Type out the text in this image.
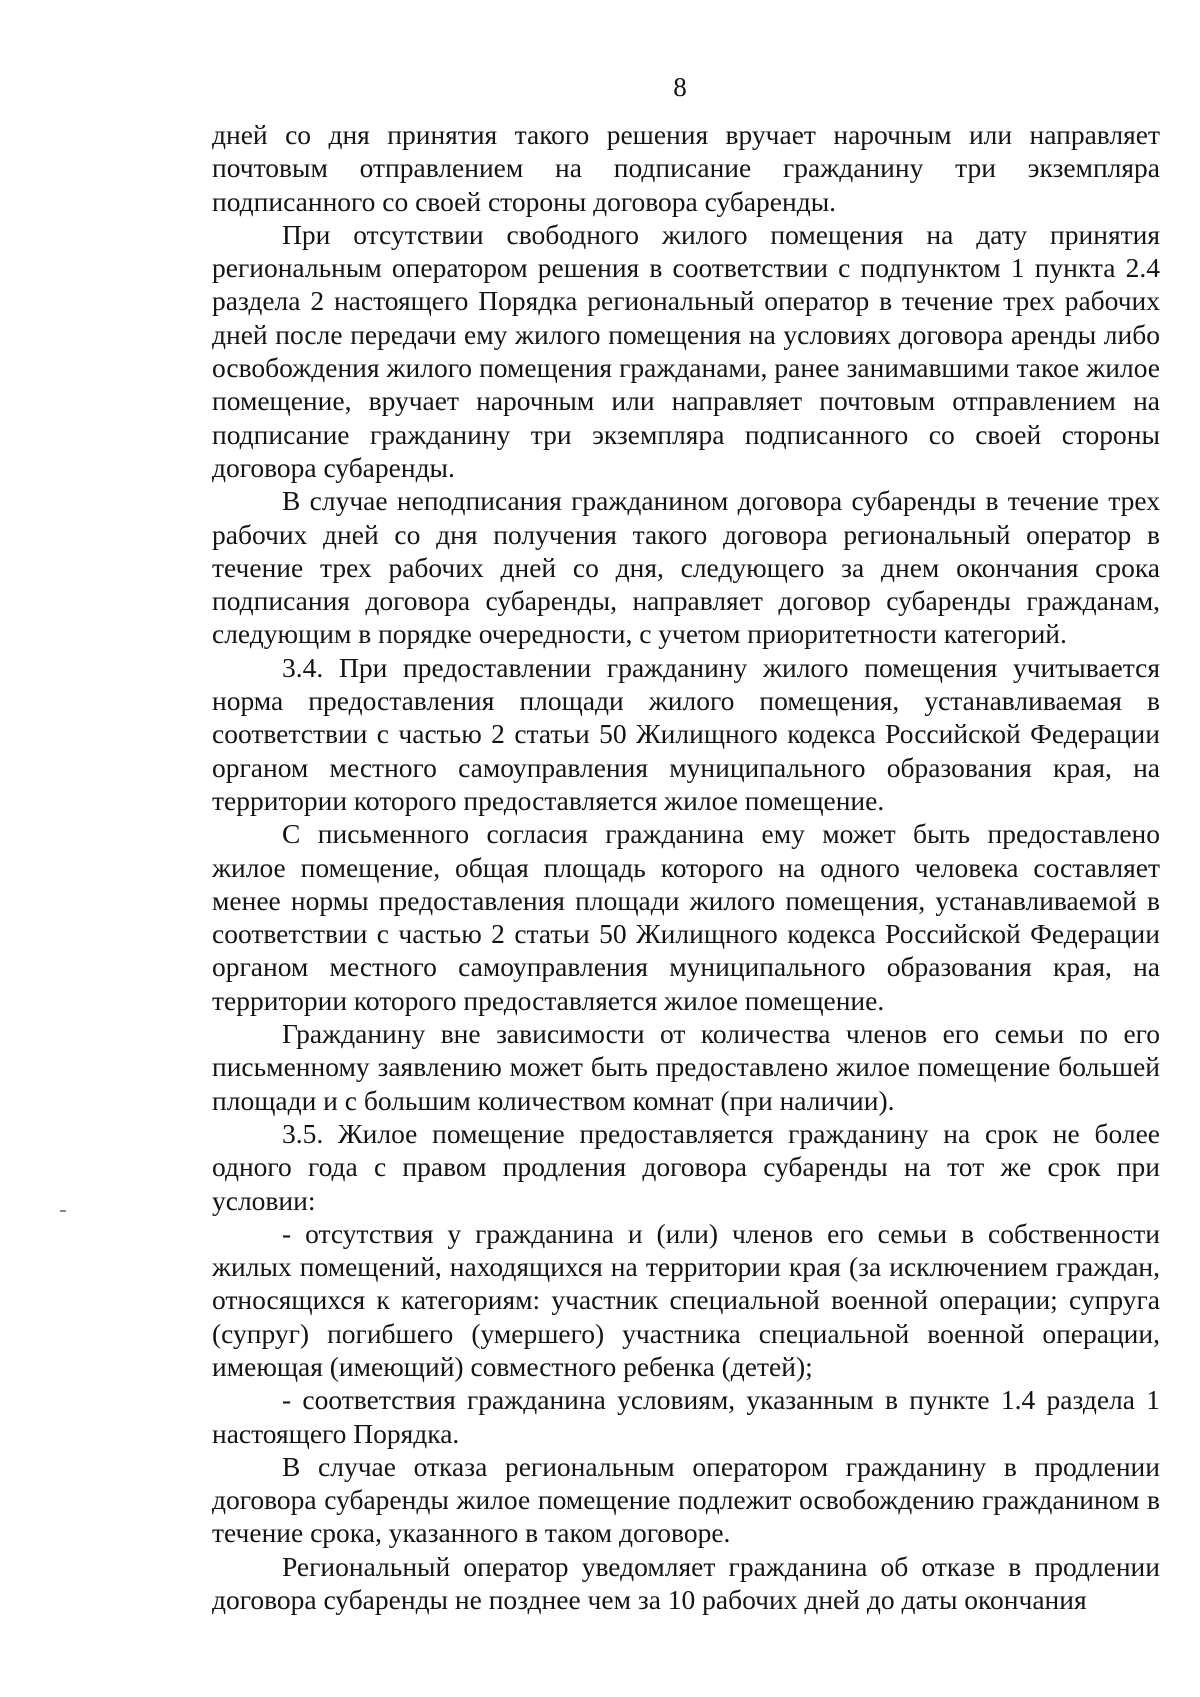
8

дней со дня принятия такого решения вручает нарочным или направляет почтовым отправлением на подписание гражданину три экземпляра подписанного со своей стороны договора субаренды.

При отсутствии свободного жилого помещения на дату принятия региональным оператором решения в соответствии с подпунктом 1 пункта 2.4 раздела 2 настоящего Порядка региональный оператор в течение трех рабочих дней после передачи ему жилого помещения на условиях договора аренды либо освобождения жилого помещения гражданами, ранее занимавшими такое жилое помещение, вручает нарочным или направляет почтовым отправлением на подписание гражданину три экземпляра подписанного со своей стороны договора субаренды.

В случае неподписания гражданином договора субаренды в течение трех рабочих дней со дня получения такого договора региональный оператор в течение трех рабочих дней со дня, следующего за днем окончания срока подписания договора субаренды, направляет договор субаренды гражданам, следующим в порядке очередности, с учетом приоритетности категорий.

3.4. При предоставлении гражданину жилого помещения учитывается норма предоставления площади жилого помещения, устанавливаемая в соответствии с частью 2 статьи 50 Жилищного кодекса Российской Федерации органом местного самоуправления муниципального образования края, на территории которого предоставляется жилое помещение.

С письменного согласия гражданина ему может быть предоставлено жилое помещение, общая площадь которого на одного человека составляет менее нормы предоставления площади жилого помещения, устанавливаемой в соответствии с частью 2 статьи 50 Жилищного кодекса Российской Федерации органом местного самоуправления муниципального образования края, на территории которого предоставляется жилое помещение.

Гражданину вне зависимости от количества членов его семьи по его письменному заявлению может быть предоставлено жилое помещение большей площади и с большим количеством комнат (при наличии).

3.5. Жилое помещение предоставляется гражданину на срок не более одного года с правом продления договора субаренды на тот же срок при условии:

- отсутствия у гражданина и (или) членов его семьи в собственности жилых помещений, находящихся на территории края (за исключением граждан, относящихся к категориям: участник специальной военной операции; супруга (супруг) погибшего (умершего) участника специальной военной операции, имеющая (имеющий) совместного ребенка (детей);

- соответствия гражданина условиям, указанным в пункте 1.4 раздела 1 настоящего Порядка.

В случае отказа региональным оператором гражданину в продлении договора субаренды жилое помещение подлежит освобождению гражданином в течение срока, указанного в таком договоре.

Региональный оператор уведомляет гражданина об отказе в продлении договора субаренды не позднее чем за 10 рабочих дней до даты окончания
